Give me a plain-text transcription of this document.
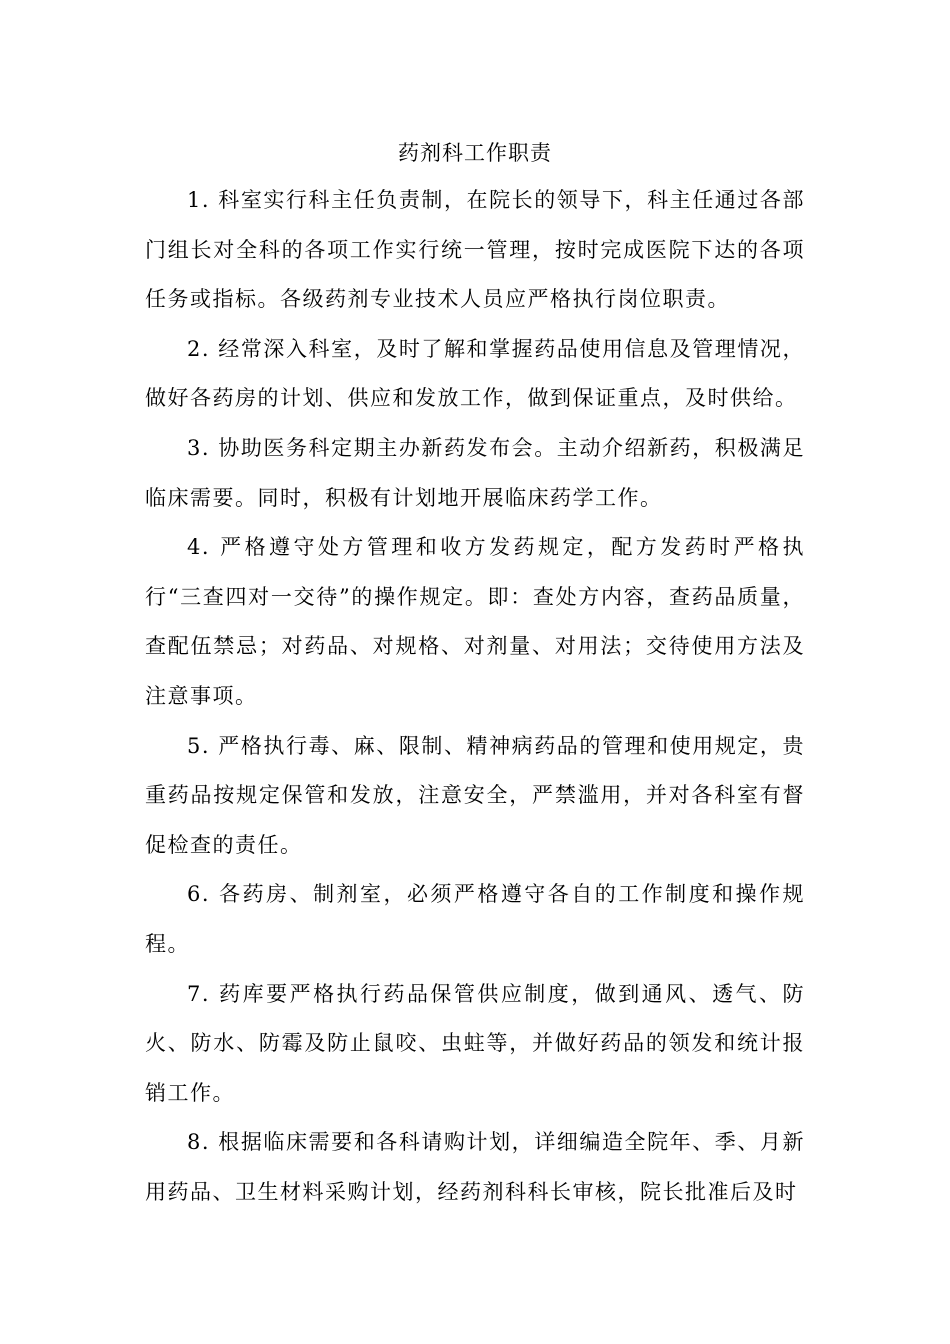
药剂科工作职责

1. 科室实行科主任负责制，在院长的领导下，科主任通过各部门组长对全科的各项工作实行统一管理，按时完成医院下达的各项任务或指标。各级药剂专业技术人员应严格执行岗位职责。

2. 经常深入科室，及时了解和掌握药品使用信息及管理情况，做好各药房的计划、供应和发放工作，做到保证重点，及时供给。

3. 协助医务科定期主办新药发布会。主动介绍新药，积极满足临床需要。同时，积极有计划地开展临床药学工作。

4. 严格遵守处方管理和收方发药规定，配方发药时严格执行“三查四对一交待”的操作规定。即：查处方内容，查药品质量，查配伍禁忌；对药品、对规格、对剂量、对用法；交待使用方法及注意事项。

5. 严格执行毒、麻、限制、精神病药品的管理和使用规定，贵重药品按规定保管和发放，注意安全，严禁滥用，并对各科室有督促检查的责任。

6. 各药房、制剂室，必须严格遵守各自的工作制度和操作规程。

7. 药库要严格执行药品保管供应制度，做到通风、透气、防火、防水、防霉及防止鼠咬、虫蛀等，并做好药品的领发和统计报销工作。

8. 根据临床需要和各科请购计划，详细编造全院年、季、月新用药品、卫生材料采购计划，经药剂科科长审核，院长批准后及时
